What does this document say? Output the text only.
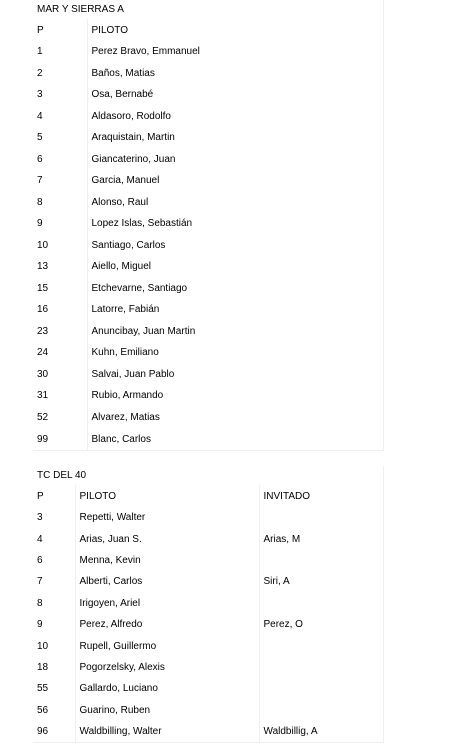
MAR Y SIERRAS A	
P	PILOTO
1	Perez Bravo, Emmanuel
2	Baños, Matias
3	Osa, Bernabé
4	Aldasoro, Rodolfo
5	Araquistain, Martin
6	Giancaterino, Juan
7	Garcia, Manuel
8	Alonso, Raul
9	Lopez Islas, Sebastián
10	Santiago, Carlos
13	Aiello, Miguel
15	Etchevarne, Santiago
16	Latorre, Fabián
23	Anuncibay, Juan Martin
24	Kuhn, Emiliano
30	Salvai, Juan Pablo
31	Rubio, Armando
52	Alvarez, Matias
99	Blanc, Carlos
TC DEL 40		
P	PILOTO	INVITADO
3	Repetti, Walter	
4	Arias, Juan S.	Arias, M
6	Menna, Kevin	
7	Alberti, Carlos	Siri, A
8	Irigoyen, Ariel	
9	Perez, Alfredo	Perez, O
10	Rupell, Guillermo	
18	Pogorzelsky, Alexis	
55	Gallardo, Luciano	
56	Guarino, Ruben	
96	Waldbilling, Walter	Waldbillig, A
